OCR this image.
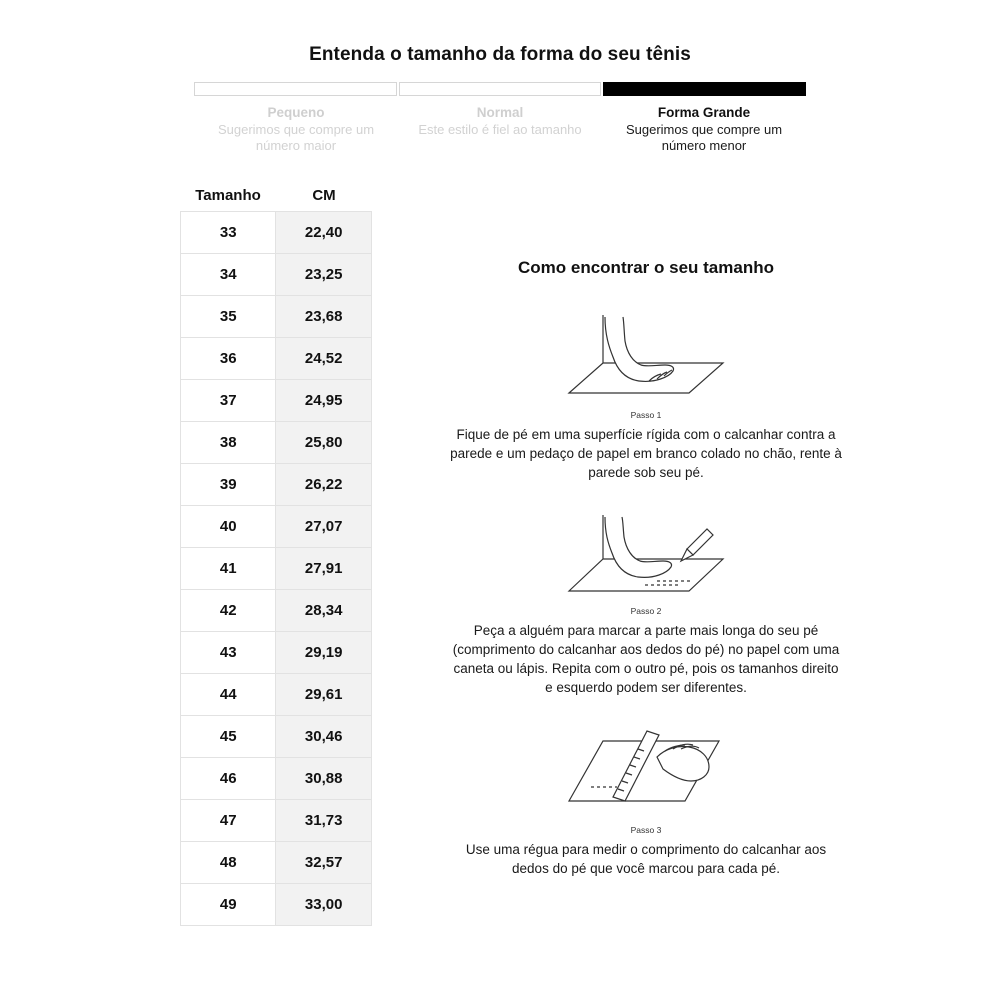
Entenda o tamanho da forma do seu tênis
Pequeno
Sugerimos que compre um número maior
Normal
Este estilo é fiel ao tamanho
Forma Grande
Sugerimos que compre um número menor
Tamanho	CM
33	22,40
34	23,25
35	23,68
36	24,52
37	24,95
38	25,80
39	26,22
40	27,07
41	27,91
42	28,34
43	29,19
44	29,61
45	30,46
46	30,88
47	31,73
48	32,57
49	33,00
Como encontrar o seu tamanho
Passo 1
Fique de pé em uma superfície rígida com o calcanhar contra a parede e um pedaço de papel em branco colado no chão, rente à parede sob seu pé.
Passo 2
Peça a alguém para marcar a parte mais longa do seu pé (comprimento do calcanhar aos dedos do pé) no papel com uma caneta ou lápis. Repita com o outro pé, pois os tamanhos direito e esquerdo podem ser diferentes.
Passo 3
Use uma régua para medir o comprimento do calcanhar aos dedos do pé que você marcou para cada pé.
